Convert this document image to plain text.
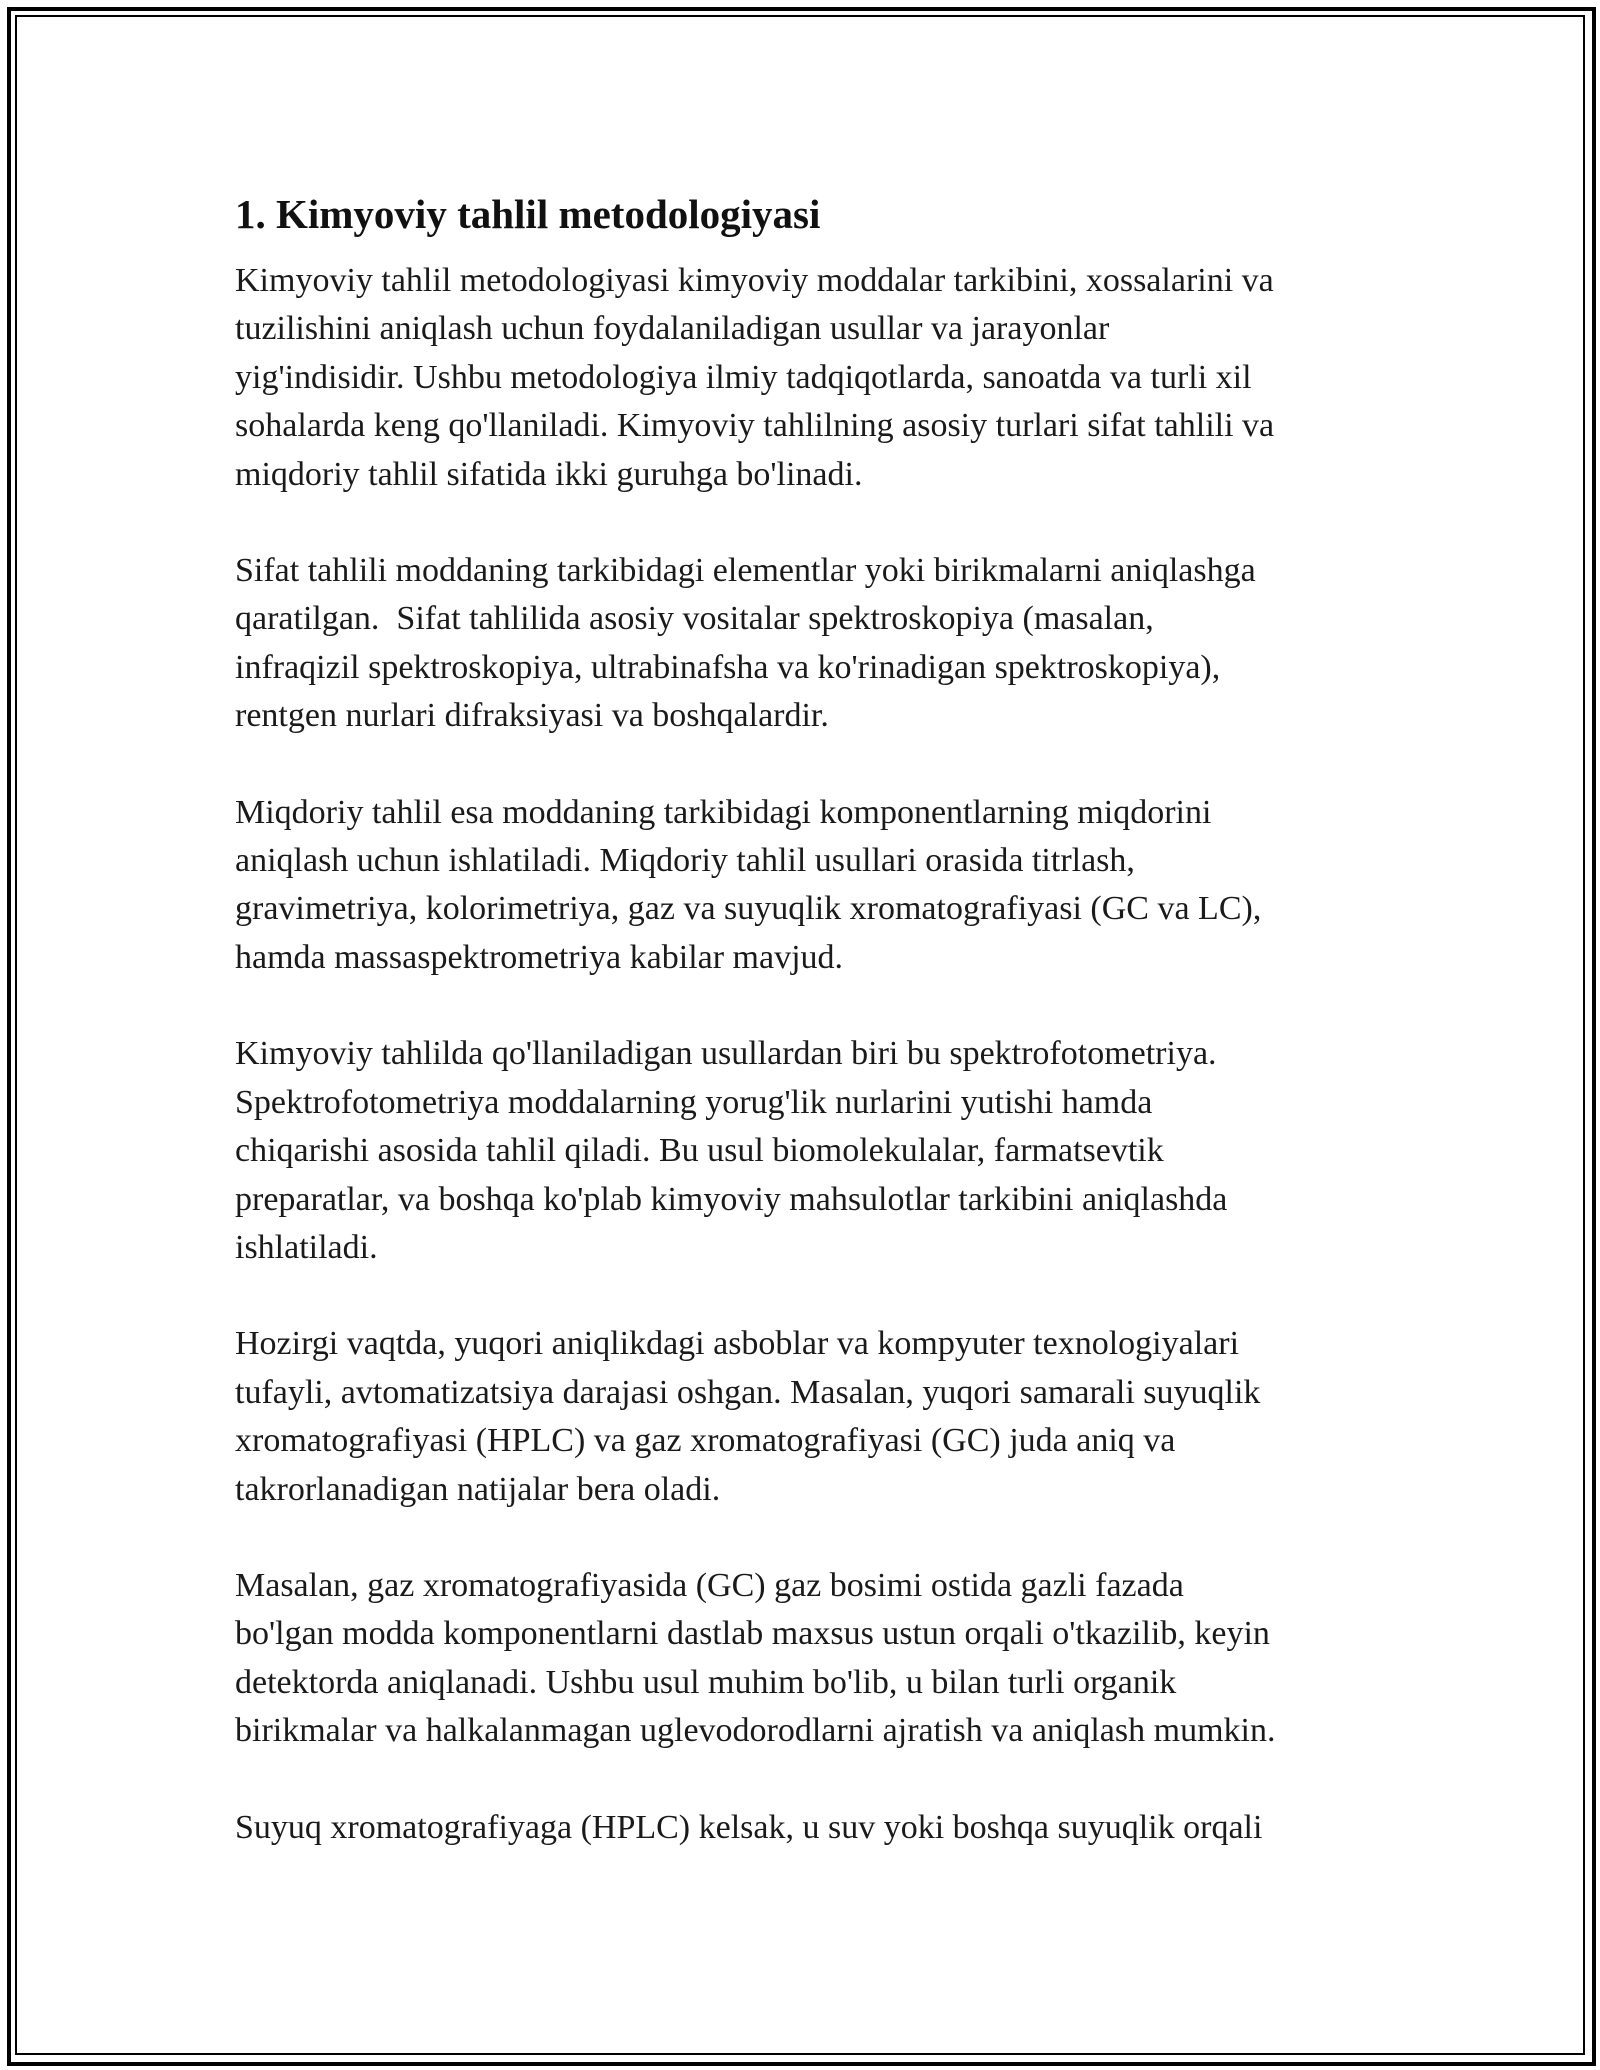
1. Kimyoviy tahlil metodologiyasi
Kimyoviy tahlil metodologiyasi kimyoviy moddalar tarkibini, xossalarini va
tuzilishini aniqlash uchun foydalaniladigan usullar va jarayonlar
yig'indisidir. Ushbu metodologiya ilmiy tadqiqotlarda, sanoatda va turli xil
sohalarda keng qo'llaniladi. Kimyoviy tahlilning asosiy turlari sifat tahlili va
miqdoriy tahlil sifatida ikki guruhga bo'linadi.
Sifat tahlili moddaning tarkibidagi elementlar yoki birikmalarni aniqlashga
qaratilgan.  Sifat tahlilida asosiy vositalar spektroskopiya (masalan,
infraqizil spektroskopiya, ultrabinafsha va ko'rinadigan spektroskopiya),
rentgen nurlari difraksiyasi va boshqalardir.
Miqdoriy tahlil esa moddaning tarkibidagi komponentlarning miqdorini
aniqlash uchun ishlatiladi. Miqdoriy tahlil usullari orasida titrlash,
gravimetriya, kolorimetriya, gaz va suyuqlik xromatografiyasi (GC va LC),
hamda massaspektrometriya kabilar mavjud.
Kimyoviy tahlilda qo'llaniladigan usullardan biri bu spektrofotometriya.
Spektrofotometriya moddalarning yorug'lik nurlarini yutishi hamda
chiqarishi asosida tahlil qiladi. Bu usul biomolekulalar, farmatsevtik
preparatlar, va boshqa ko'plab kimyoviy mahsulotlar tarkibini aniqlashda
ishlatiladi.
Hozirgi vaqtda, yuqori aniqlikdagi asboblar va kompyuter texnologiyalari
tufayli, avtomatizatsiya darajasi oshgan. Masalan, yuqori samarali suyuqlik
xromatografiyasi (HPLC) va gaz xromatografiyasi (GC) juda aniq va
takrorlanadigan natijalar bera oladi.
Masalan, gaz xromatografiyasida (GC) gaz bosimi ostida gazli fazada
bo'lgan modda komponentlarni dastlab maxsus ustun orqali o'tkazilib, keyin
detektorda aniqlanadi. Ushbu usul muhim bo'lib, u bilan turli organik
birikmalar va halkalanmagan uglevodorodlarni ajratish va aniqlash mumkin.
Suyuq xromatografiyaga (HPLC) kelsak, u suv yoki boshqa suyuqlik orqali
